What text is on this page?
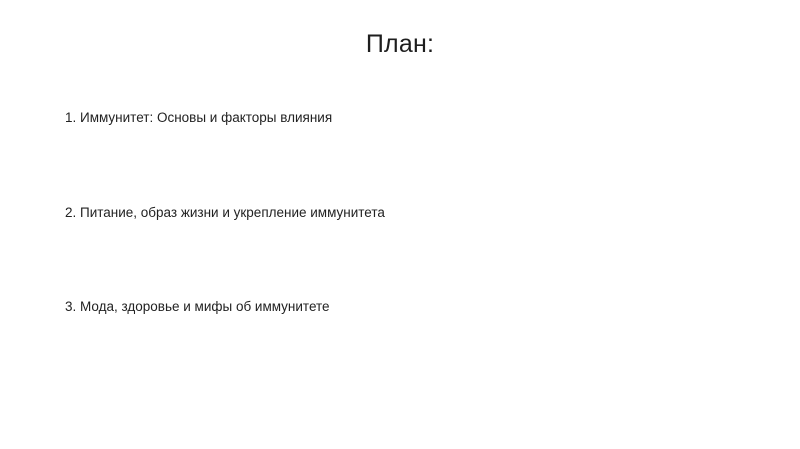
План:
1. Иммунитет: Основы и факторы влияния
2. Питание, образ жизни и укрепление иммунитета
3. Мода, здоровье и мифы об иммунитете
